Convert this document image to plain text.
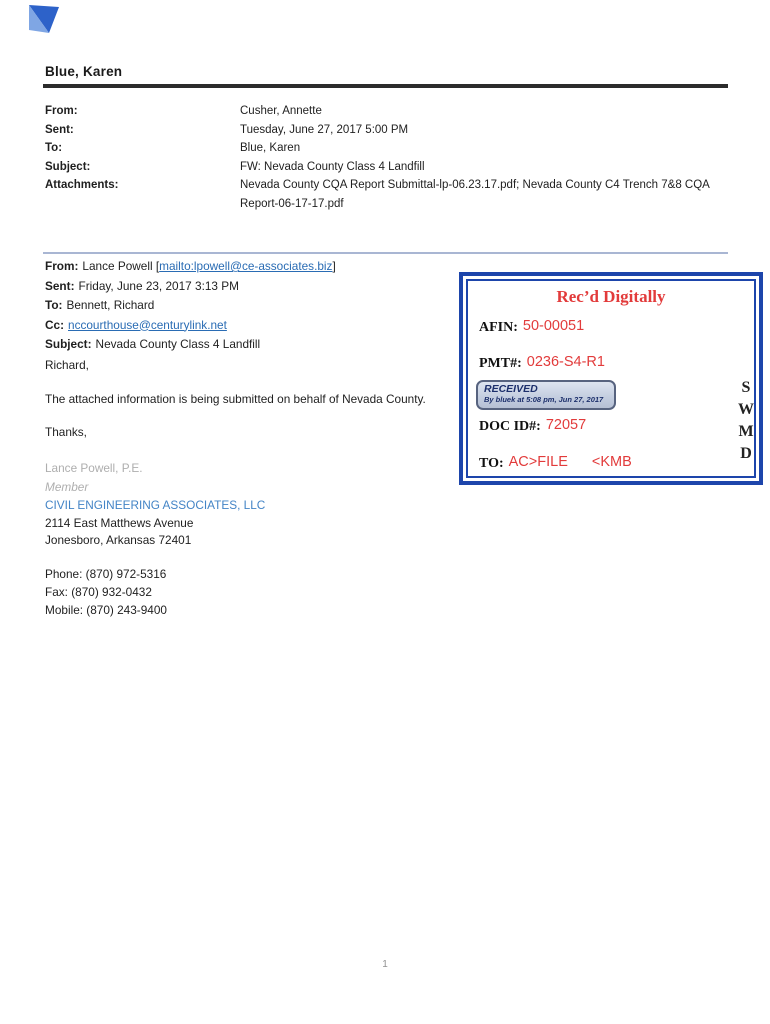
Blue, Karen
From:	Cusher, Annette
Sent:	Tuesday, June 27, 2017 5:00 PM
To:	Blue, Karen
Subject:	FW: Nevada County Class 4 Landfill
Attachments:	Nevada County CQA Report Submittal-lp-06.23.17.pdf; Nevada County C4 Trench 7&8 CQA Report-06-17-17.pdf
From: Lance Powell [mailto:lpowell@ce-associates.biz]
Sent: Friday, June 23, 2017 3:13 PM
To: Bennett, Richard
Cc: nccourthouse@centurylink.net
Subject: Nevada County Class 4 Landfill
Richard,
The attached information is being submitted on behalf of Nevada County.
Thanks,
Lance Powell, P.E.
Member
CIVIL ENGINEERING ASSOCIATES, LLC
2114 East Matthews Avenue
Jonesboro, Arkansas 72401
Phone: (870) 972-5316
Fax: (870) 932-0432
Mobile: (870) 243-9400
Rec’d Digitally
AFIN: 50-00051
PMT#: 0236-S4-R1
RECEIVED
By bluek at 5:08 pm, Jun 27, 2017
DOC ID#: 72057
TO: AC>FILE <KMB
S
W
M
D
1
